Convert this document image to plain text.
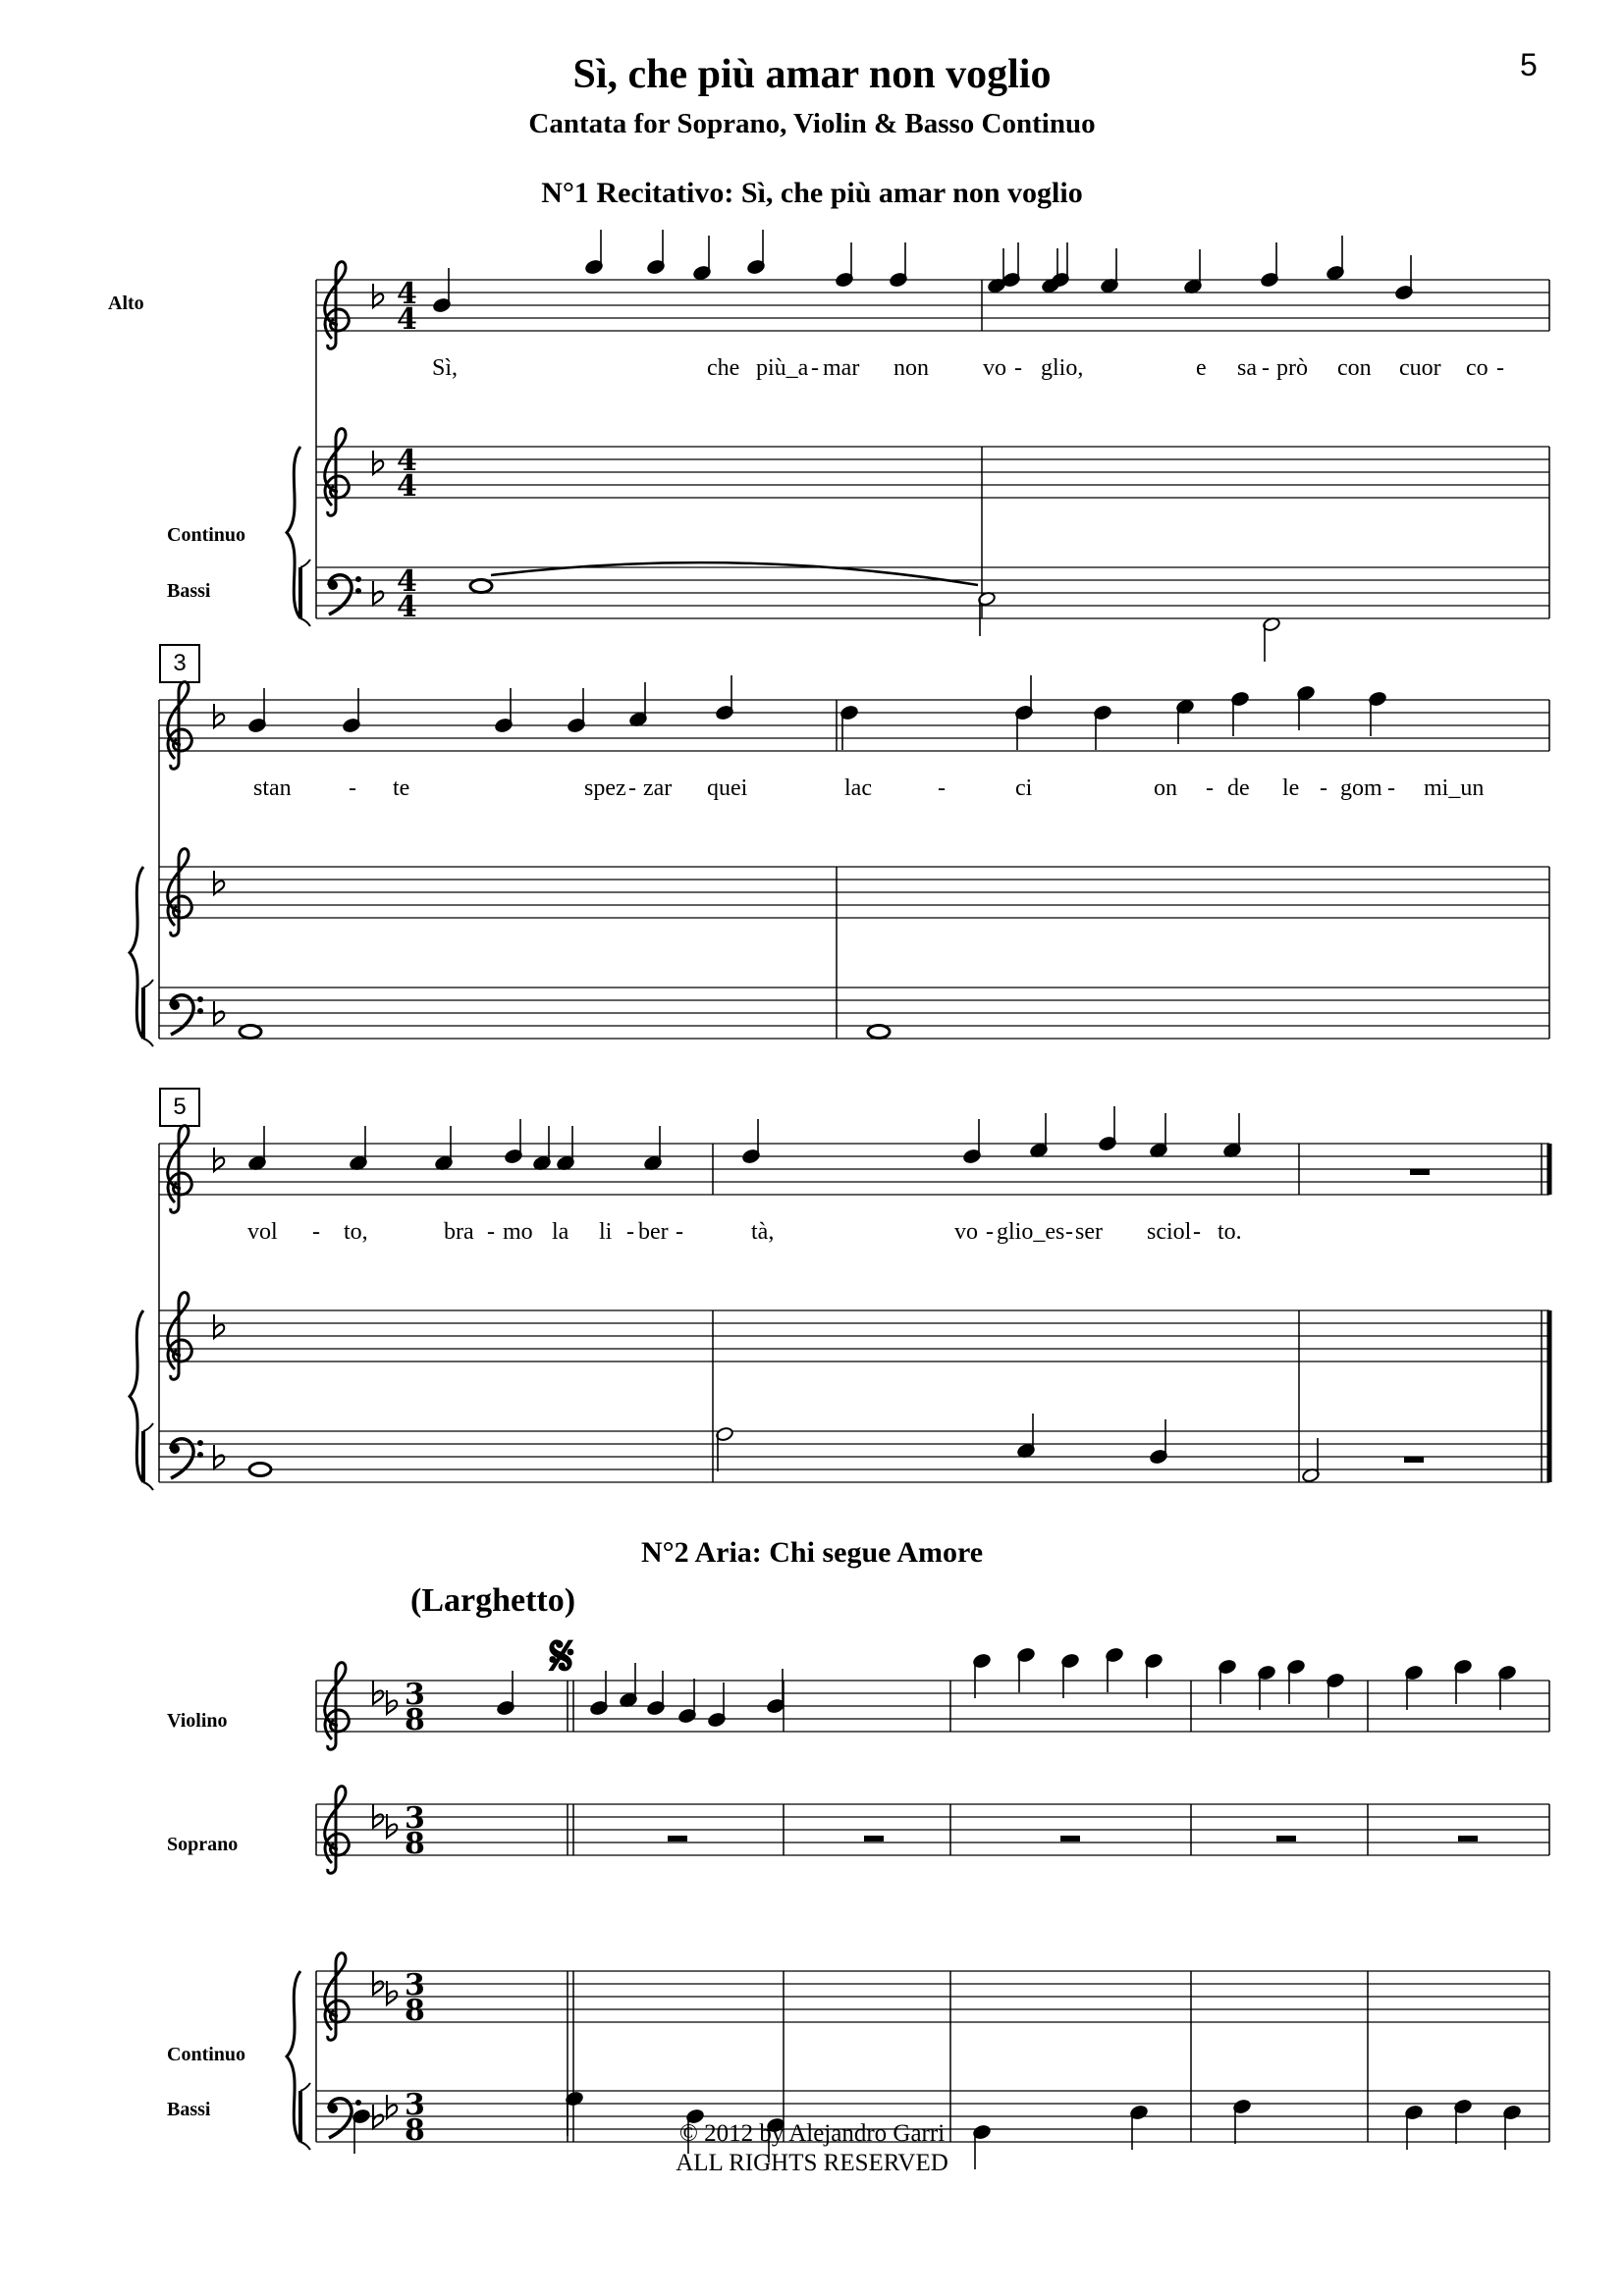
Sì, che più amar non voglio
Cantata for Soprano, Violin & Basso Continuo
5
N°1 Recitativo: Sì, che più amar non voglio
N°2 Aria: Chi segue Amore
(Larghetto)
Alto
Continuo
Bassi
Violino
Soprano
Continuo
Bassi
3
5
Sì,	che più_a - mar non vo - glio,	e sa - prò con cuor co -
stan - te	spez - zar quei	lac	-	ci	on - de le - gom - mi_un
vol - to,	bra - mo la li - ber -	tà,	vo - glio_es - ser sciol - to.
𝄋
4
4
4
4
4
4
3
8
3
8
3
8
3
8	© 2012 by Alejandro Garri
ALL RIGHTS RESERVED
